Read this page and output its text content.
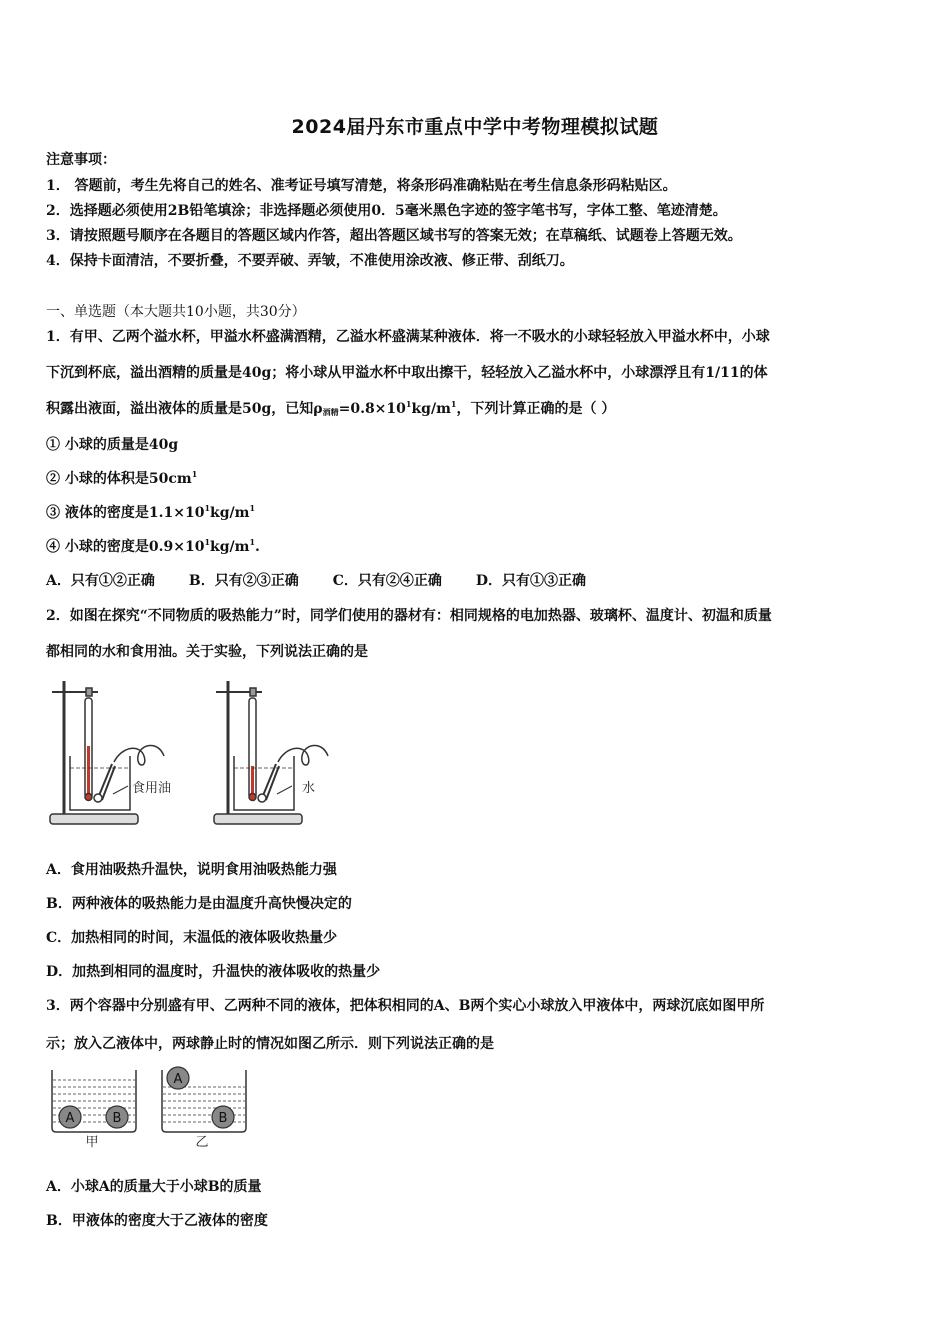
2024届丹东市重点中学中考物理模拟试题
注意事项：
1． 答题前，考生先将自己的姓名、准考证号填写清楚，将条形码准确粘贴在考生信息条形码粘贴区。
2．选择题必须使用2B铅笔填涂；非选择题必须使用0．5毫米黑色字迹的签字笔书写，字体工整、笔迹清楚。
3．请按照题号顺序在各题目的答题区域内作答，超出答题区域书写的答案无效；在草稿纸、试题卷上答题无效。
4．保持卡面清洁，不要折叠，不要弄破、弄皱，不准使用涂改液、修正带、刮纸刀。
一、单选题（本大题共10小题，共30分）
1．有甲、乙两个溢水杯，甲溢水杯盛满酒精，乙溢水杯盛满某种液体．将一不吸水的小球轻轻放入甲溢水杯中，小球
下沉到杯底，溢出酒精的质量是40g；将小球从甲溢水杯中取出擦干，轻轻放入乙溢水杯中，小球漂浮且有1/11的体
积露出液面，溢出液体的质量是50g，已知$\rho_{酒精}=0.8\times 10^1kg/m^1$，下列计算正确的是（ ）
① 小球的质量是40g
② 小球的体积是$50cm^1$
③ 液体的密度是$1.1\times 10^1kg/m^1$
④ 小球的密度是$0.9\times 10^1kg/m^1$.
A．只有①②正确 B．只有②③正确 C．只有②④正确 D．只有①③正确
2．如图在探究“不同物质的吸热能力”时，同学们使用的器材有：相同规格的电加热器、玻璃杯、温度计、初温和质量
都相同的水和食用油。关于实验，下列说法正确的是
食用油	水
A．食用油吸热升温快，说明食用油吸热能力强
B．两种液体的吸热能力是由温度升高快慢决定的
C．加热相同的时间，末温低的液体吸收热量少
D．加热到相同的温度时，升温快的液体吸收的热量少
3．两个容器中分别盛有甲、乙两种不同的液体，把体积相同的A、B两个实心小球放入甲液体中，两球沉底如图甲所
示；放入乙液体中，两球静止时的情况如图乙所示．则下列说法正确的是
A	B
甲
A
B
乙
A．小球A的质量大于小球B的质量
B．甲液体的密度大于乙液体的密度
